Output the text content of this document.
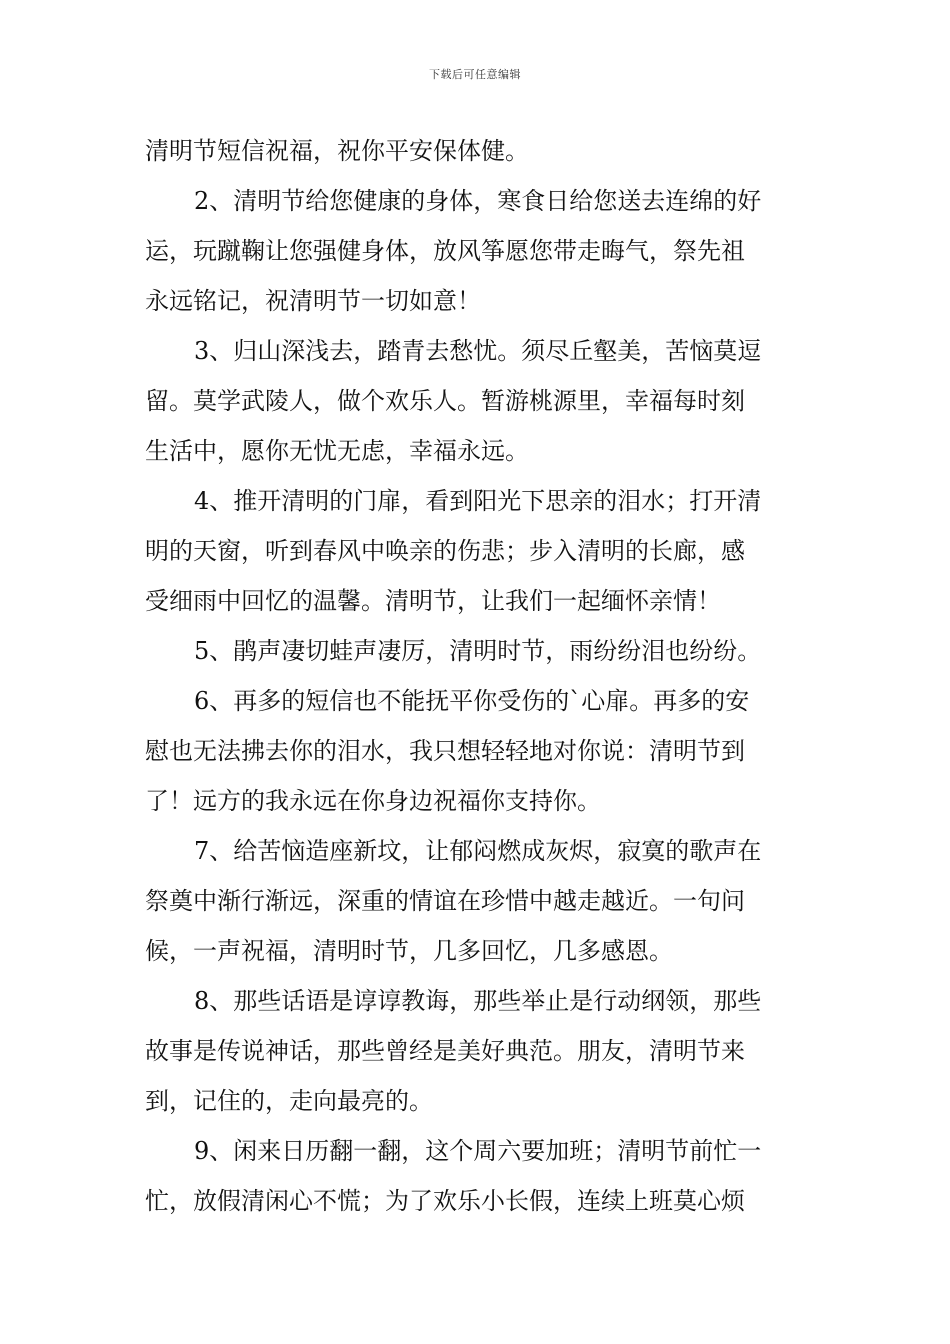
下载后可任意编辑
清明节短信祝福，祝你平安保体健。
2、清明节给您健康的身体，寒食日给您送去连绵的好
运，玩蹴鞠让您强健身体，放风筝愿您带走晦气，祭先祖
永远铭记，祝清明节一切如意！
3、归山深浅去，踏青去愁忧。须尽丘壑美，苦恼莫逗
留。莫学武陵人，做个欢乐人。暂游桃源里，幸福每时刻
生活中，愿你无忧无虑，幸福永远。
4、推开清明的门扉，看到阳光下思亲的泪水；打开清
明的天窗，听到春风中唤亲的伤悲；步入清明的长廊，感
受细雨中回忆的温馨。清明节，让我们一起缅怀亲情！
5、鹃声凄切蛙声凄厉，清明时节，雨纷纷泪也纷纷。
6、再多的短信也不能抚平你受伤的`心扉。再多的安
慰也无法拂去你的泪水，我只想轻轻地对你说：清明节到
了！远方的我永远在你身边祝福你支持你。
7、给苦恼造座新坟，让郁闷燃成灰烬，寂寞的歌声在
祭奠中渐行渐远，深重的情谊在珍惜中越走越近。一句问
候，一声祝福，清明时节，几多回忆，几多感恩。
8、那些话语是谆谆教诲，那些举止是行动纲领，那些
故事是传说神话，那些曾经是美好典范。朋友，清明节来
到，记住的，走向最亮的。
9、闲来日历翻一翻，这个周六要加班；清明节前忙一
忙，放假清闲心不慌；为了欢乐小长假，连续上班莫心烦
